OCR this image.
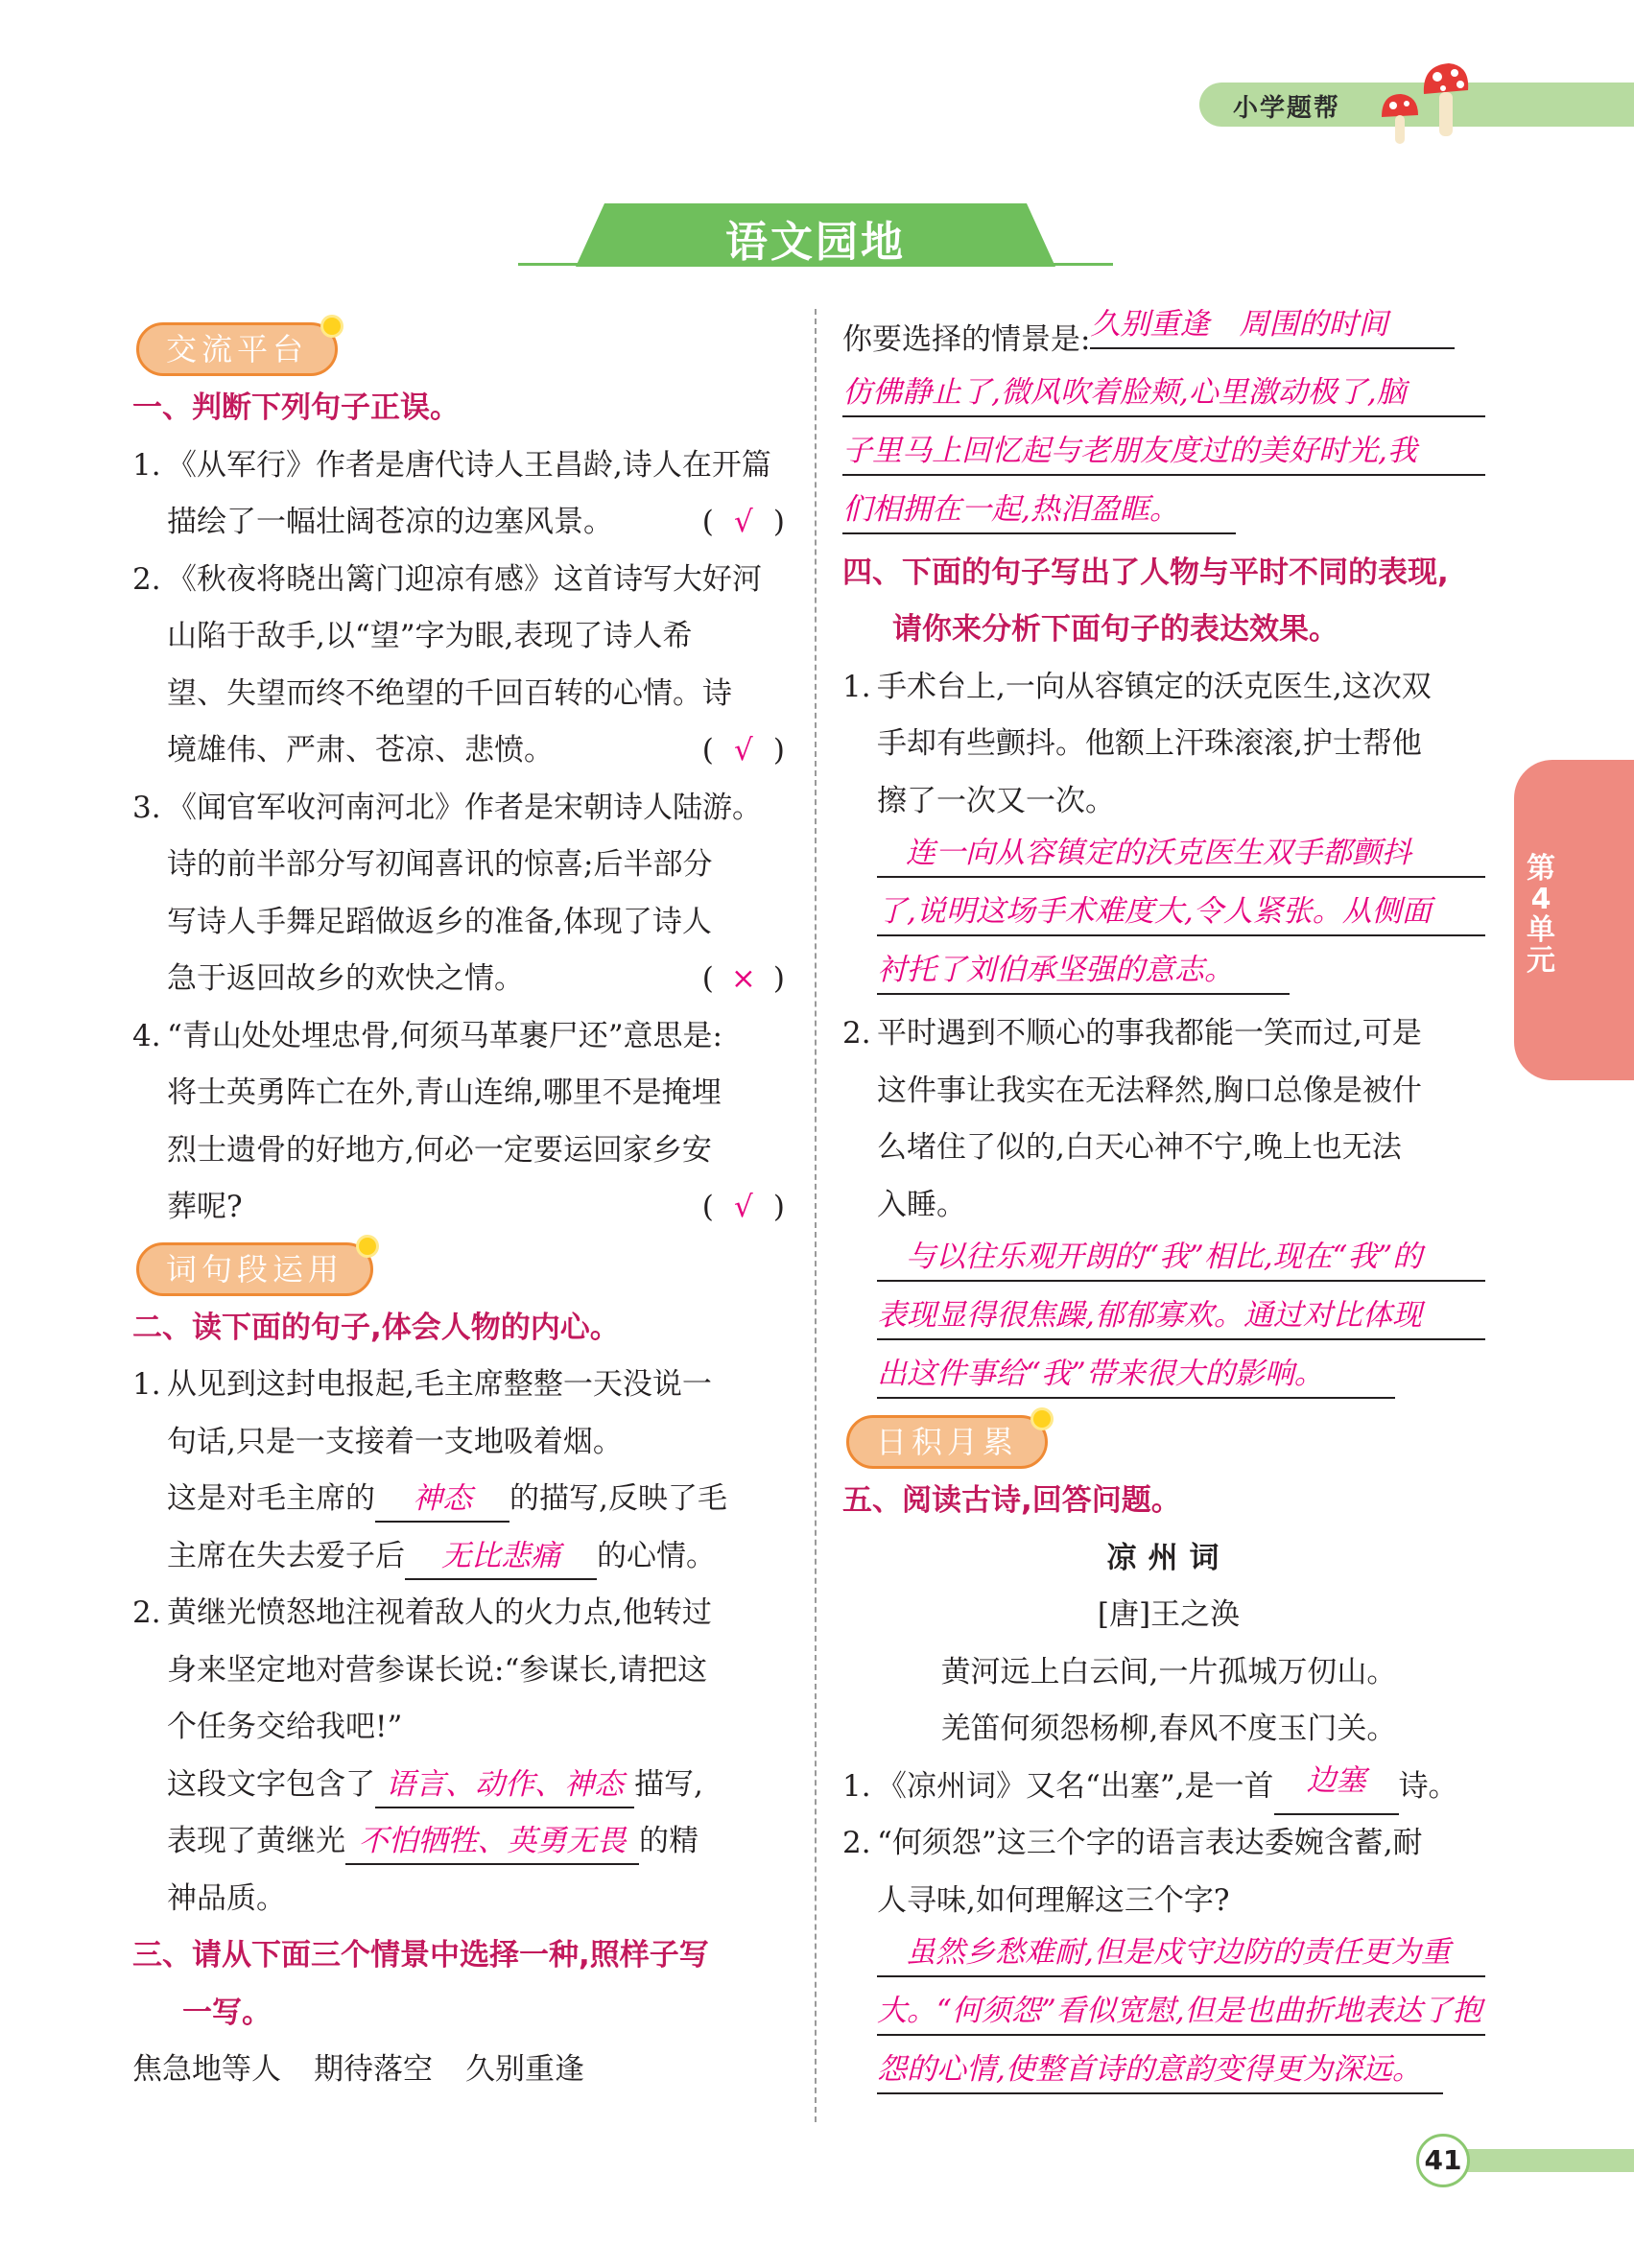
小学题帮
语文园地
交流平台
一、判断下列句子正误。
1. 《从军行》作者是唐代诗人王昌龄,诗人在开篇
描绘了一幅壮阔苍凉的边塞风景。	( √ )
2. 《秋夜将晓出篱门迎凉有感》这首诗写大好河
山陷于敌手,以“望”字为眼,表现了诗人希
望、失望而终不绝望的千回百转的心情。诗
境雄伟、严肃、苍凉、悲愤。	( √ )
3. 《闻官军收河南河北》作者是宋朝诗人陆游。
诗的前半部分写初闻喜讯的惊喜;后半部分
写诗人手舞足蹈做返乡的准备,体现了诗人
急于返回故乡的欢快之情。	( × )
4. “青山处处埋忠骨,何须马革裹尸还”意思是:
将士英勇阵亡在外,青山连绵,哪里不是掩埋
烈士遗骨的好地方,何必一定要运回家乡安
葬呢?	( √ )
词句段运用
二、读下面的句子,体会人物的内心。
1. 从见到这封电报起,毛主席整整一天没说一
句话,只是一支接着一支地吸着烟。
这是对毛主席的 神态 的描写,反映了毛
主席在失去爱子后 无比悲痛 的心情。
2. 黄继光愤怒地注视着敌人的火力点,他转过
身来坚定地对营参谋长说:“参谋长,请把这
个任务交给我吧!”
这段文字包含了 语言、动作、神态 描写,
表现了黄继光 不怕牺牲、英勇无畏 的精
神品质。
三、请从下面三个情景中选择一种,照样子写
一写。
焦急地等人 期待落空 久别重逢
你要选择的情景是:久别重逢　周围的时间
仿佛静止了,微风吹着脸颊,心里激动极了,脑
子里马上回忆起与老朋友度过的美好时光,我
们相拥在一起,热泪盈眶。
四、下面的句子写出了人物与平时不同的表现,
请你来分析下面句子的表达效果。
1. 手术台上,一向从容镇定的沃克医生,这次双
手却有些颤抖。他额上汗珠滚滚,护士帮他
擦了一次又一次。
连一向从容镇定的沃克医生双手都颤抖
了,说明这场手术难度大,令人紧张。从侧面
衬托了刘伯承坚强的意志。
2. 平时遇到不顺心的事我都能一笑而过,可是
这件事让我实在无法释然,胸口总像是被什
么堵住了似的,白天心神不宁,晚上也无法
入睡。
与以往乐观开朗的“我”相比,现在“我”的
表现显得很焦躁,郁郁寡欢。通过对比体现
出这件事给“我”带来很大的影响。
日积月累
五、阅读古诗,回答问题。
凉州词
[唐]王之涣
黄河远上白云间,一片孤城万仞山。
羌笛何须怨杨柳,春风不度玉门关。
1. 《凉州词》又名“出塞”,是一首	边塞	诗。
2. “何须怨”这三个字的语言表达委婉含蓄,耐
人寻味,如何理解这三个字?
虽然乡愁难耐,但是戍守边防的责任更为重
大。“何须怨”看似宽慰,但是也曲折地表达了抱
怨的心情,使整首诗的意韵变得更为深远。
第4单元
41
